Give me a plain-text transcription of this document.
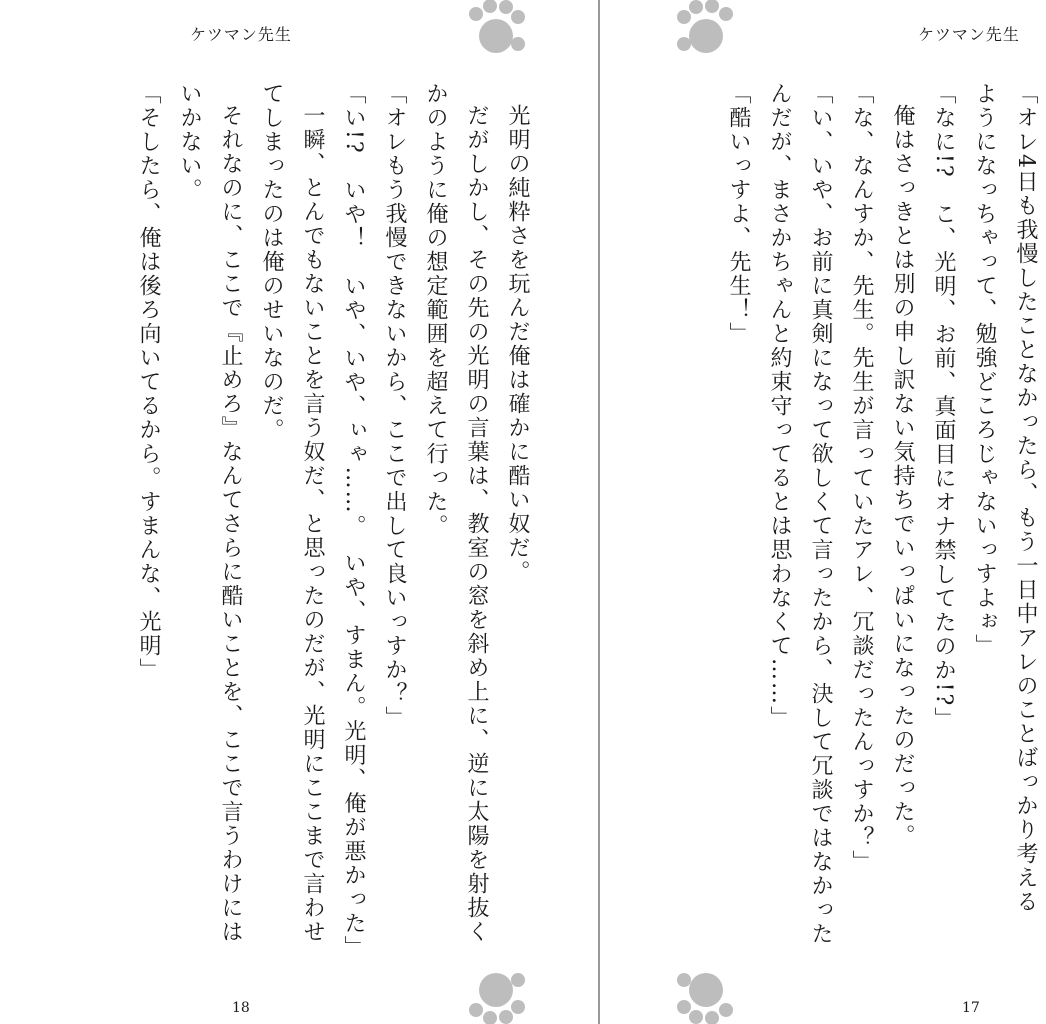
ケツマン先生
光明の純粋さを玩んだ俺は確かに酷い奴だ。
だがしかし、その先の光明の言葉は、教室の窓を斜め上に、逆に太陽を射抜く
かのように俺の想定範囲を超えて行った。
「オレもう我慢できないから、ここで出して良いっすか？」
「い!?　いや！　いや、いや、ぃゃ……。　いや、すまん。光明、俺が悪かった」
一瞬、とんでもないことを言う奴だ、と思ったのだが、光明にここまで言わせ
てしまったのは俺のせいなのだ。
それなのに、ここで『止めろ』なんてさらに酷いことを、ここで言うわけには
いかない。
「そしたら、俺は後ろ向いてるから。すまんな、光明」
18
ケツマン先生
「オレ4日も我慢したことなかったら、もう一日中アレのことばっかり考える
ようになっちゃって、勉強どころじゃないっすよぉ」
「なに!?　こ、光明、お前、真面目にオナ禁してたのか!?」
俺はさっきとは別の申し訳ない気持ちでいっぱいになったのだった。
「な、なんすか、先生。先生が言っていたアレ、冗談だったんっすか？」
「い、いや、お前に真剣になって欲しくて言ったから、決して冗談ではなかった
んだが、まさかちゃんと約束守ってるとは思わなくて……」
「酷いっすよ、先生！」
17
